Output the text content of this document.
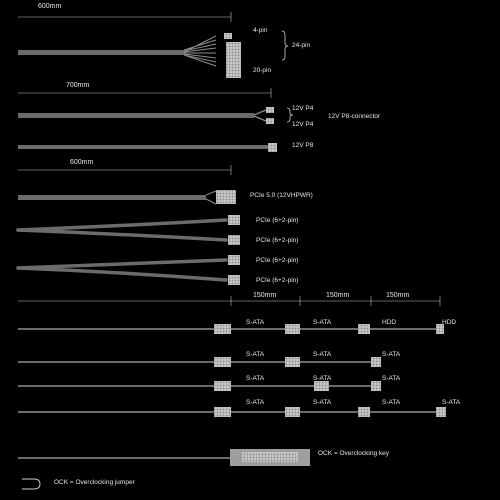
600mm
700mm
600mm
150mm	150mm	150mm
4-pin
20-pin
24-pin
12V P4
12V P4
12V P8-connector
12V P8
PCIe 5.0 (12VHPWR)
PCIe (6+2-pin)
PCIe (6+2-pin)
PCIe (6+2-pin)
PCIe (6+2-pin)
S-ATA	S-ATA	HDD	HDD
S-ATA	S-ATA	S-ATA
S-ATA	S-ATA	S-ATA
S-ATA	S-ATA	S-ATA	S-ATA
OCK = Overclocking key
OCK = Overclocking jumper
